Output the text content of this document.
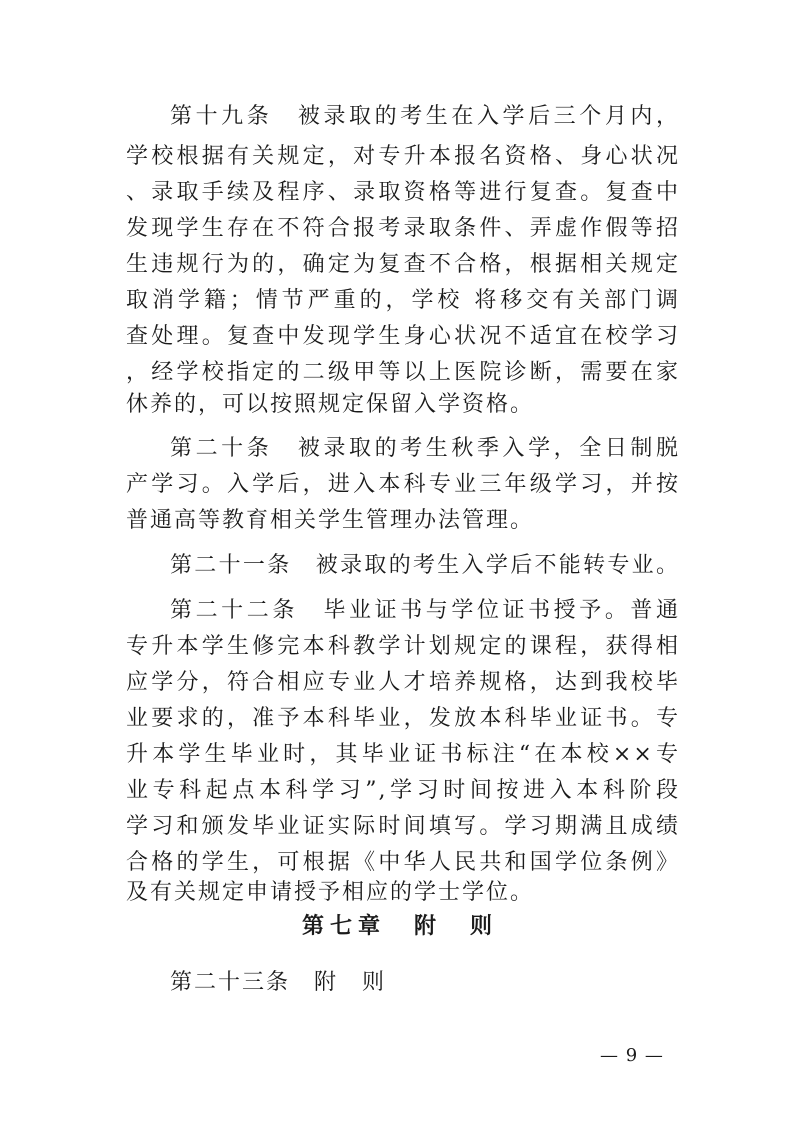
第十九条　被录取的考生在入学后三个月内，
学校根据有关规定，对专升本报名资格、身心状况
、录取手续及程序、录取资格等进行复查。复查中
发现学生存在不符合报考录取条件、弄虚作假等招
生违规行为的，确定为复查不合格，根据相关规定
取消学籍；情节严重的，学校 将移交有关部门调
查处理。复查中发现学生身心状况不适宜在校学习
，经学校指定的二级甲等以上医院诊断，需要在家
休养的，可以按照规定保留入学资格。
第二十条　被录取的考生秋季入学，全日制脱
产学习。入学后，进入本科专业三年级学习，并按
普通高等教育相关学生管理办法管理。
第二十一条　被录取的考生入学后不能转专业。
第二十二条　毕业证书与学位证书授予。普通
专升本学生修完本科教学计划规定的课程，获得相
应学分，符合相应专业人才培养规格，达到我校毕
业要求的，准予本科毕业，发放本科毕业证书。专
升本学生毕业时，其毕业证书标注“在本校××专
业专科起点本科学习”,学习时间按进入本科阶段
学习和颁发毕业证实际时间填写。学习期满且成绩
合格的学生，可根据《中华人民共和国学位条例》
及有关规定申请授予相应的学士学位。
第七章　附　则
第二十三条　附　则
— 9 —
